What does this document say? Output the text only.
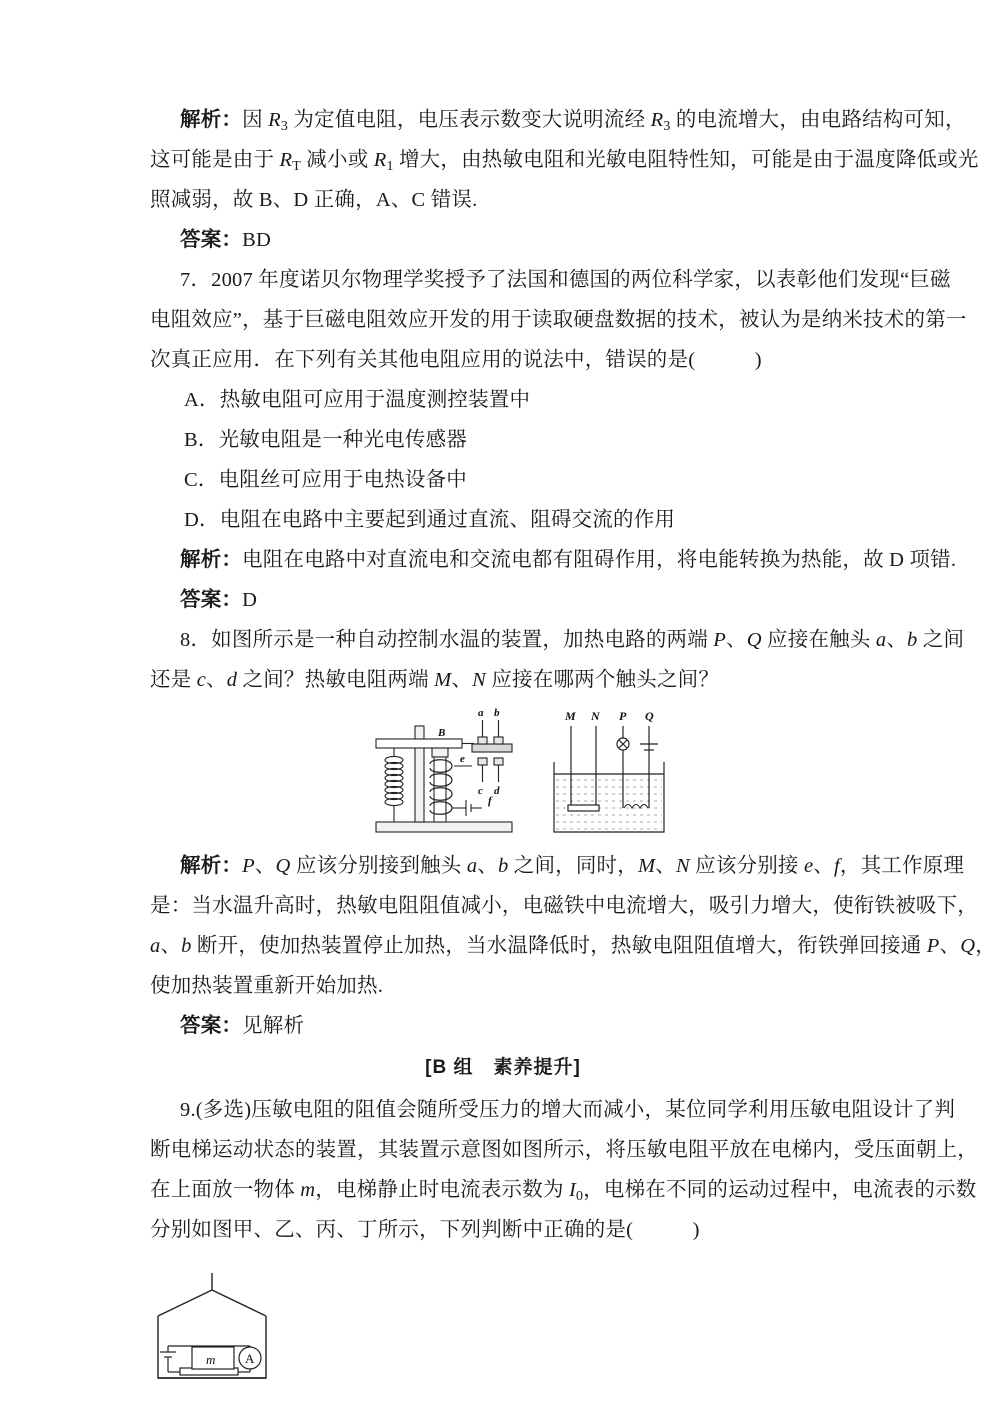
解析：因 R3 为定值电阻，电压表示数变大说明流经 R3 的电流增大，由电路结构可知，
这可能是由于 RT 减小或 R1 增大，由热敏电阻和光敏电阻特性知，可能是由于温度降低或光
照减弱，故 B、D 正确，A、C 错误.
答案：BD
7．2007 年度诺贝尔物理学奖授予了法国和德国的两位科学家，以表彰他们发现“巨磁
电阻效应”，基于巨磁电阻效应开发的用于读取硬盘数据的技术，被认为是纳米技术的第一
次真正应用．在下列有关其他电阻应用的说法中，错误的是(	)
A．热敏电阻可应用于温度测控装置中
B．光敏电阻是一种光电传感器
C．电阻丝可应用于电热设备中
D．电阻在电路中主要起到通过直流、阻碍交流的作用
解析：电阻在电路中对直流电和交流电都有阻碍作用，将电能转换为热能，故 D 项错.
答案：D
8．如图所示是一种自动控制水温的装置，加热电路的两端 P、Q 应接在触头 a、b 之间
还是 c、d 之间？热敏电阻两端 M、N 应接在哪两个触头之间？
B
a b
c d
e
f
M N P Q
解析：P、Q 应该分别接到触头 a、b 之间，同时，M、N 应该分别接 e、f，其工作原理
是：当水温升高时，热敏电阻阻值减小，电磁铁中电流增大，吸引力增大，使衔铁被吸下，
a、b 断开，使加热装置停止加热，当水温降低时，热敏电阻阻值增大，衔铁弹回接通 P、Q，
使加热装置重新开始加热.
答案：见解析
[B 组　素养提升]
9.(多选)压敏电阻的阻值会随所受压力的增大而减小，某位同学利用压敏电阻设计了判
断电梯运动状态的装置，其装置示意图如图所示，将压敏电阻平放在电梯内，受压面朝上，
在上面放一物体 m，电梯静止时电流表示数为 I0，电梯在不同的运动过程中，电流表的示数
分别如图甲、乙、丙、丁所示，下列判断中正确的是(	)
m A
